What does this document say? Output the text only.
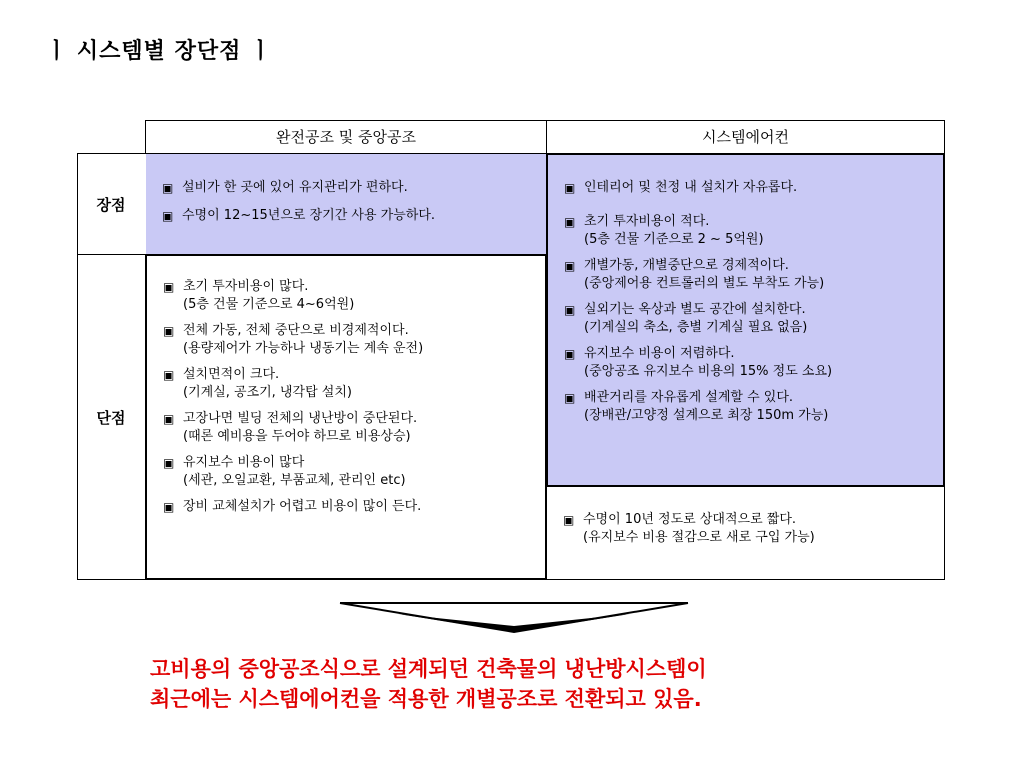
ㅣ 시스템별 장단점 ㅣ
완전공조 및 중앙공조	시스템에어컨
장점
단점
▣ 설비가 한 곳에 있어 유지관리가 편하다.
▣ 수명이 12~15년으로 장기간 사용 가능하다.
▣ 초기 투자비용이 많다.
(5층 건물 기준으로 4~6억원)
▣ 전체 가동, 전체 중단으로 비경제적이다.
(용량제어가 가능하나 냉동기는 계속 운전)
▣ 설치면적이 크다.
(기계실, 공조기, 냉각탑 설치)
▣ 고장나면 빌딩 전체의 냉난방이 중단된다.
(때론 예비용을 두어야 하므로 비용상승)
▣ 유지보수 비용이 많다
(세관, 오일교환, 부품교체, 관리인 etc)
▣ 장비 교체설치가 어렵고 비용이 많이 든다.
▣ 인테리어 및 천정 내 설치가 자유롭다.
▣ 초기 투자비용이 적다.
(5층 건물 기준으로 2 ~ 5억원)
▣ 개별가동, 개별중단으로 경제적이다.
(중앙제어용 컨트롤러의 별도 부착도 가능)
▣ 실외기는 옥상과 별도 공간에 설치한다.
(기계실의 축소, 층별 기계실 필요 없음)
▣ 유지보수 비용이 저렴하다.
(중앙공조 유지보수 비용의 15% 정도 소요)
▣ 배관거리를 자유롭게 설계할 수 있다.
(장배관/고양정 설계으로 최장 150m 가능)
▣ 수명이 10년 정도로 상대적으로 짧다.
(유지보수 비용 절감으로 새로 구입 가능)
고비용의 중앙공조식으로 설계되던 건축물의 냉난방시스템이
최근에는 시스템에어컨을 적용한 개별공조로 전환되고 있음.
